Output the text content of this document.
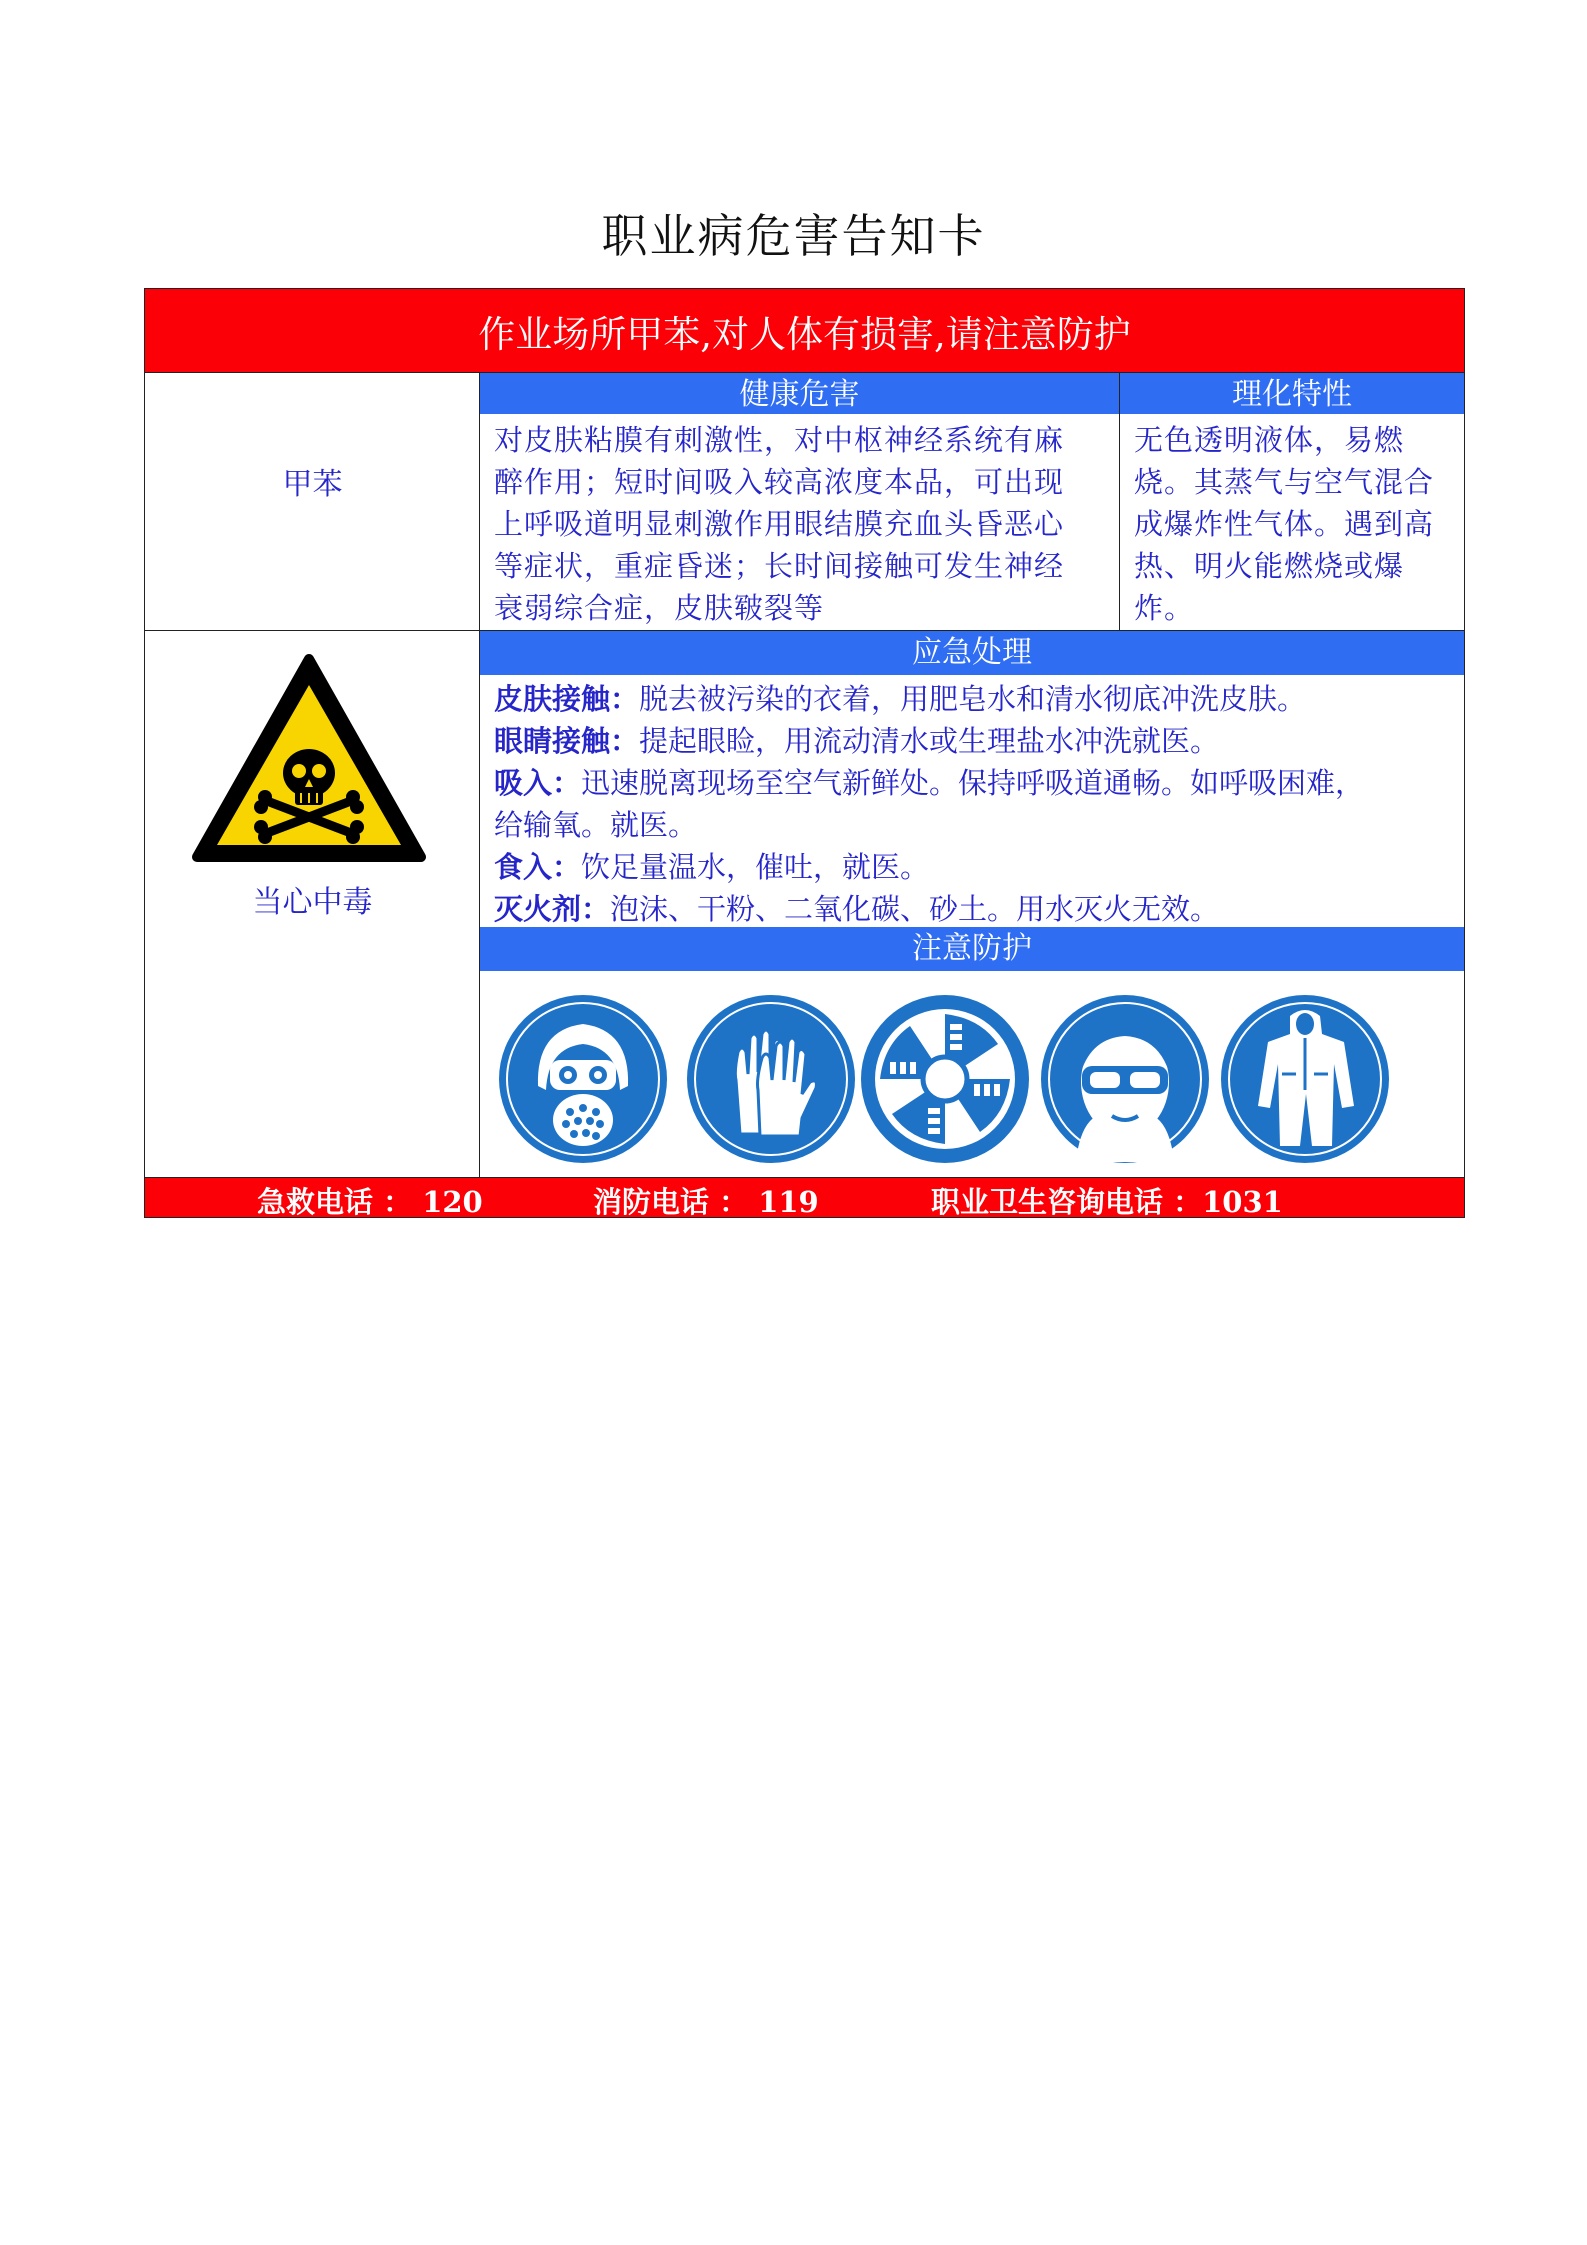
职业病危害告知卡
作业场所甲苯,对人体有损害,请注意防护
甲苯
健康危害
对皮肤粘膜有刺激性，对中枢神经系统有麻
醉作用；短时间吸入较高浓度本品，可出现
上呼吸道明显刺激作用眼结膜充血头昏恶心
等症状，重症昏迷；长时间接触可发生神经
衰弱综合症，皮肤皲裂等
理化特性
无色透明液体，易燃
烧。其蒸气与空气混合
成爆炸性气体。遇到高
热、明火能燃烧或爆
炸。
当心中毒
应急处理
皮肤接触：脱去被污染的衣着，用肥皂水和清水彻底冲洗皮肤。
眼睛接触：提起眼睑，用流动清水或生理盐水冲洗就医。
吸入：迅速脱离现场至空气新鲜处。保持呼吸道通畅。如呼吸困难，
给输氧。就医。
食入：饮足量温水，催吐，就医。
灭火剂：泡沫、干粉、二氧化碳、砂土。用水灭火无效。
注意防护
急救电话 ： 120	消防电话 ： 119	职业卫生咨询电话 ：1031
